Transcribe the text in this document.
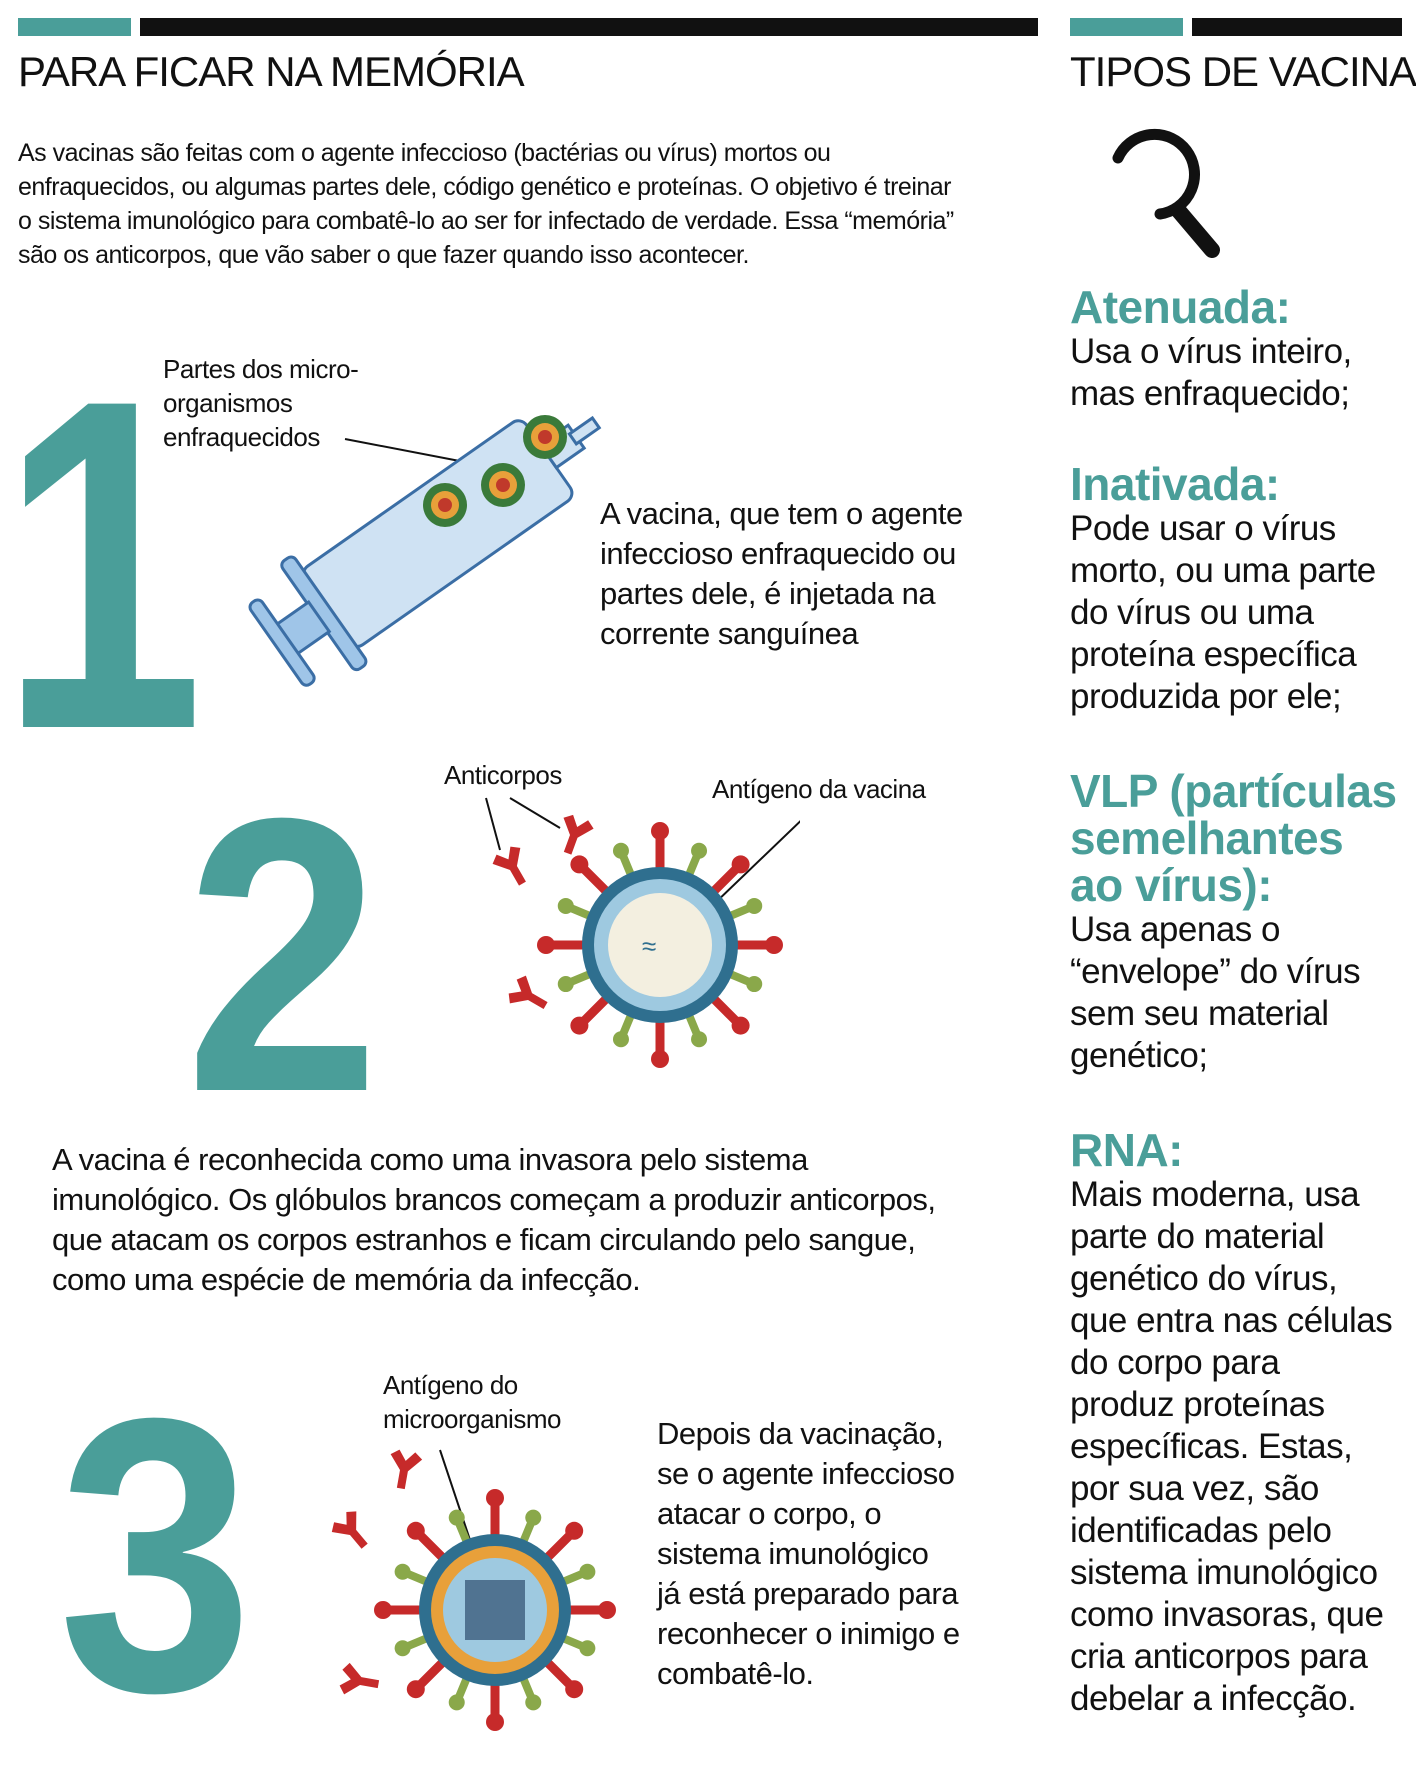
PARA FICAR NA MEMÓRIA
As vacinas são feitas com o agente infeccioso (bactérias ou vírus) mortos ou
enfraquecidos, ou algumas partes dele, código genético e proteínas. O objetivo é treinar
o sistema imunológico para combatê-lo ao ser for infectado de verdade. Essa “memória”
são os anticorpos, que vão saber o que fazer quando isso acontecer.
1
Partes dos micro-
organismos
enfraquecidos
A vacina, que tem o agente
infeccioso enfraquecido ou
partes dele, é injetada na
corrente sanguínea
2 Anticorpos	Antígeno da vacina
≈
A vacina é reconhecida como uma invasora pelo sistema
imunológico. Os glóbulos brancos começam a produzir anticorpos,
que atacam os corpos estranhos e ficam circulando pelo sangue,
como uma espécie de memória da infecção.
3	Antígeno do
microorganismo	Depois da vacinação,
se o agente infeccioso
atacar o corpo, o
sistema imunológico
já está preparado para
reconhecer o inimigo e
combatê-lo.
TIPOS DE VACINA
Atenuada:
Usa o vírus inteiro,
mas enfraquecido;
Inativada:
Pode usar o vírus
morto, ou uma parte
do vírus ou uma
proteína específica
produzida por ele;
VLP (partículas
semelhantes
ao vírus):
Usa apenas o
“envelope” do vírus
sem seu material
genético;
RNA:
Mais moderna, usa
parte do material
genético do vírus,
que entra nas células
do corpo para
produz proteínas
específicas. Estas,
por sua vez, são
identificadas pelo
sistema imunológico
como invasoras, que
cria anticorpos para
debelar a infecção.
